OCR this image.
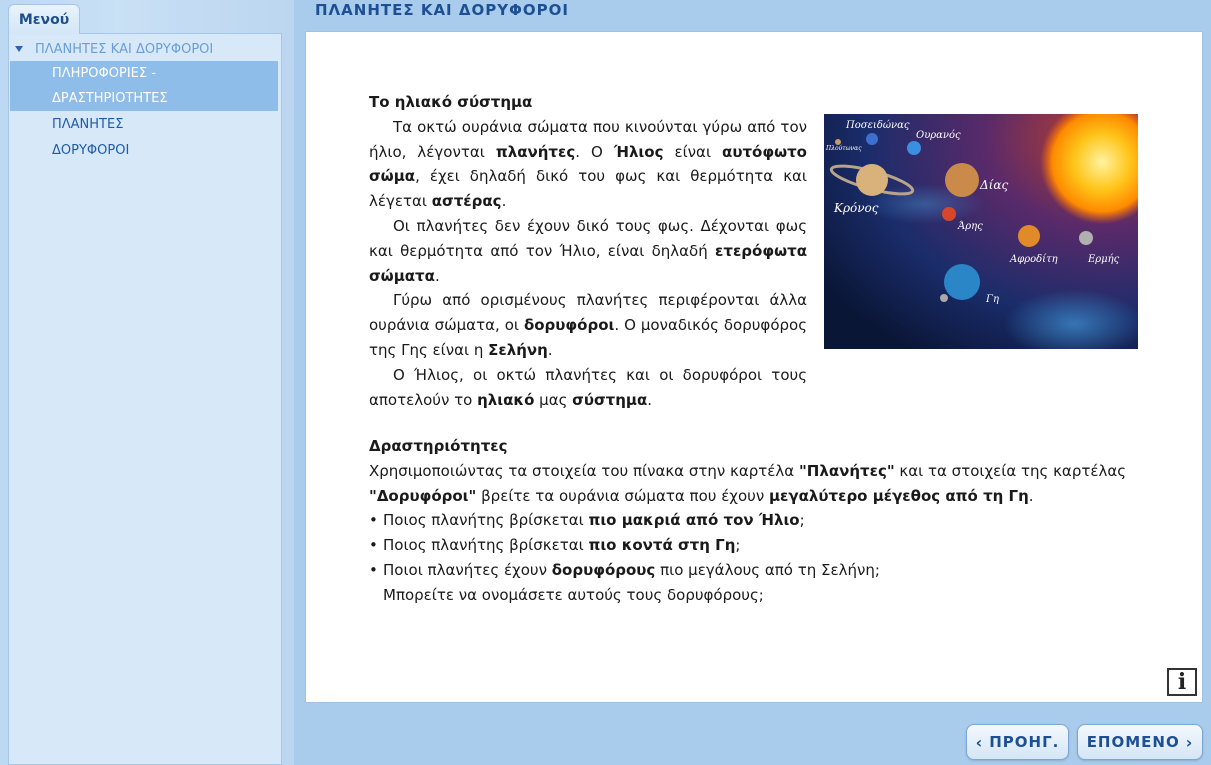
Μενού
ΠΛΑΝΗΤΕΣ ΚΑΙ ΔΟΡΥΦΟΡΟΙ
ΠΛΗΡΟΦΟΡΙΕΣ -
ΔΡΑΣΤΗΡΙΟΤΗΤΕΣ
ΠΛΑΝΗΤΕΣ
ΔΟΡΥΦΟΡΟΙ
ΠΛΑΝΗΤΕΣ ΚΑΙ ΔΟΡΥΦΟΡΟΙ
Το ηλιακό σύστημα

Τα οκτώ ουράνια σώματα που κινούνται γύρω από τον ήλιο, λέγονται πλανήτες. Ο Ήλιος είναι αυτόφωτο σώμα, έχει δηλαδή δικό του φως και θερμότητα και λέγεται αστέρας.

Οι πλανήτες δεν έχουν δικό τους φως. Δέχονται φως και θερμότητα από τον Ήλιο, είναι δηλαδή ετερόφωτα σώματα.

Γύρω από ορισμένους πλανήτες περιφέρονται άλλα ουράνια σώματα, οι δορυφόροι. Ο μοναδικός δορυφόρος της Γης είναι η Σελήνη.

Ο Ήλιος, οι οκτώ πλανήτες και οι δορυφόροι τους αποτελούν το ηλιακό μας σύστημα.

Ποσειδώνας
Ουρανός
Πλούτωνας
Δίας
Κρόνος
Άρης
Αφροδίτη	Ερμής
Γη
Δραστηριότητες

Χρησιμοποιώντας τα στοιχεία του πίνακα στην καρτέλα "Πλανήτες" και τα στοιχεία της καρτέλας "Δορυφόροι" βρείτε τα ουράνια σώματα που έχουν μεγαλύτερο μέγεθος από τη Γη.

• Ποιος πλανήτης βρίσκεται πιο μακριά από τον Ήλιο;

• Ποιος πλανήτης βρίσκεται πιο κοντά στη Γη;

• Ποιοι πλανήτες έχουν δορυφόρους πιο μεγάλους από τη Σελήνη;

Μπορείτε να ονομάσετε αυτούς τους δορυφόρους;

i
‹ ΠΡΟΗΓ. ΕΠΟΜΕΝΟ ›
